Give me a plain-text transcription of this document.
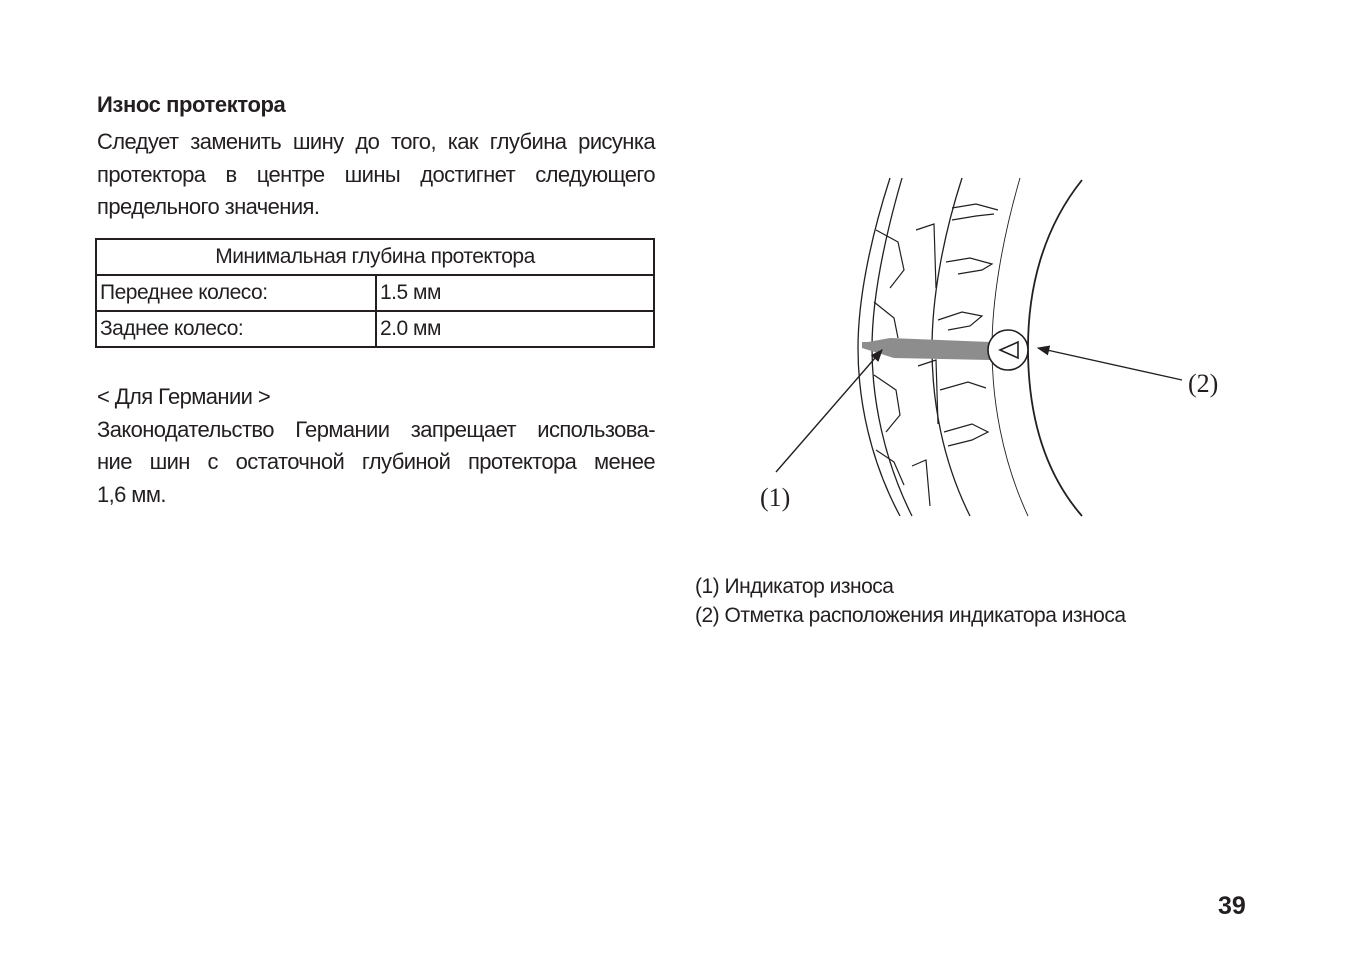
Износ протектора
Следует заменить шину до того, как глубина рисунка
протектора в центре шины достигнет следующего
предельного значения.
Минимальная глубина протектора	
Переднее колесо:	1.5 мм
Заднее колесо:	2.0 мм
< Для Германии >
Законодательство Германии запрещает использова-
ние шин с остаточной глубиной протектора менее
1,6 мм.	(1)
(2)
(1) Индикатор износа
(2) Отметка расположения индикатора износа
39
